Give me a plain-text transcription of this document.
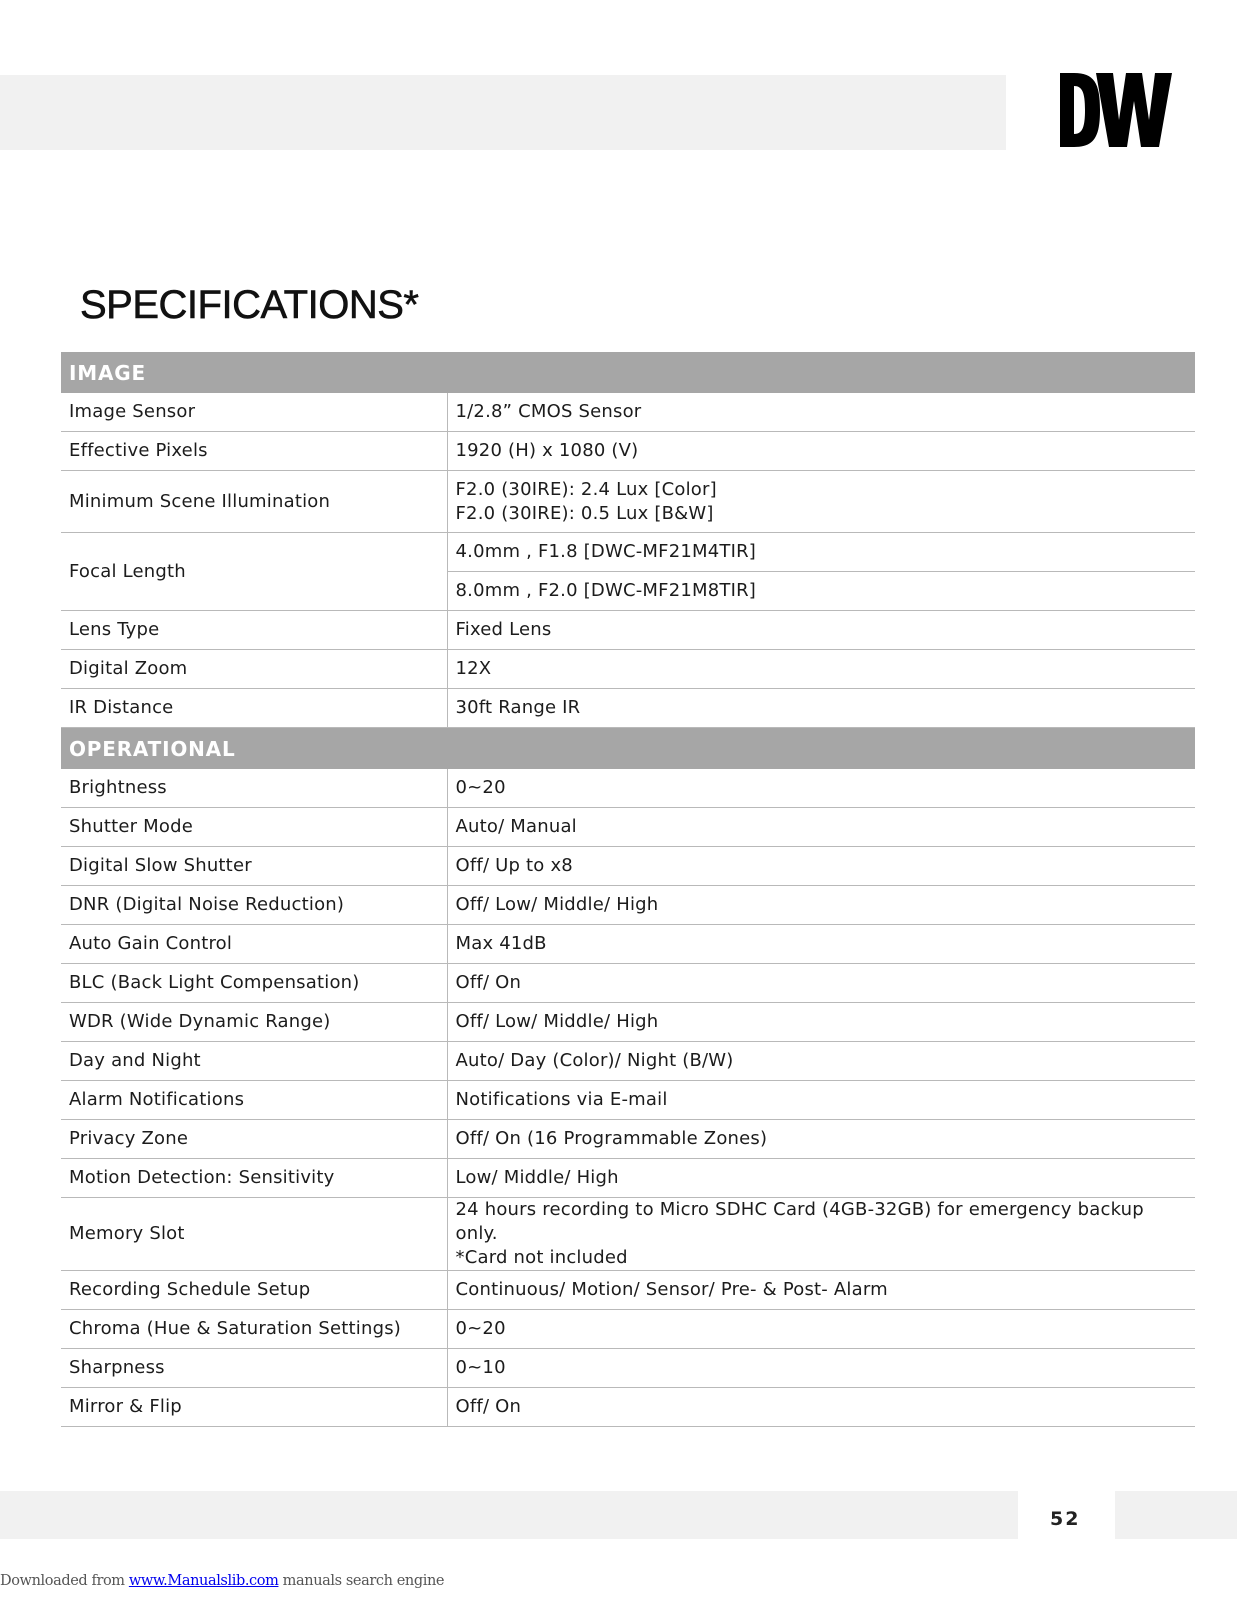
SPECIFICATIONS*
IMAGE	
Image Sensor	1/2.8” CMOS Sensor
Effective Pixels	1920 (H) x 1080 (V)
Minimum Scene Illumination	F2.0 (30IRE): 2.4 Lux [Color]
F2.0 (30IRE): 0.5 Lux [B&W]
Focal Length	4.0mm , F1.8 [DWC-MF21M4TIR]
	8.0mm , F2.0 [DWC-MF21M8TIR]
Lens Type	Fixed Lens
Digital Zoom	12X
IR Distance	30ft Range IR
OPERATIONAL	
Brightness	0~20
Shutter Mode	Auto/ Manual
Digital Slow Shutter	Off/ Up to x8
DNR (Digital Noise Reduction)	Off/ Low/ Middle/ High
Auto Gain Control	Max 41dB
BLC (Back Light Compensation)	Off/ On
WDR (Wide Dynamic Range)	Off/ Low/ Middle/ High
Day and Night	Auto/ Day (Color)/ Night (B/W)
Alarm Notifications	Notifications via E-mail
Privacy Zone	Off/ On (16 Programmable Zones)
Motion Detection: Sensitivity	Low/ Middle/ High
Memory Slot	24 hours recording to Micro SDHC Card (4GB-32GB) for emergency backup only.
*Card not included
Recording Schedule Setup	Continuous/ Motion/ Sensor/ Pre- & Post- Alarm
Chroma (Hue & Saturation Settings)	0~20
Sharpness	0~10
Mirror & Flip	Off/ On
52
Downloaded from www.Manualslib.com manuals search engine
